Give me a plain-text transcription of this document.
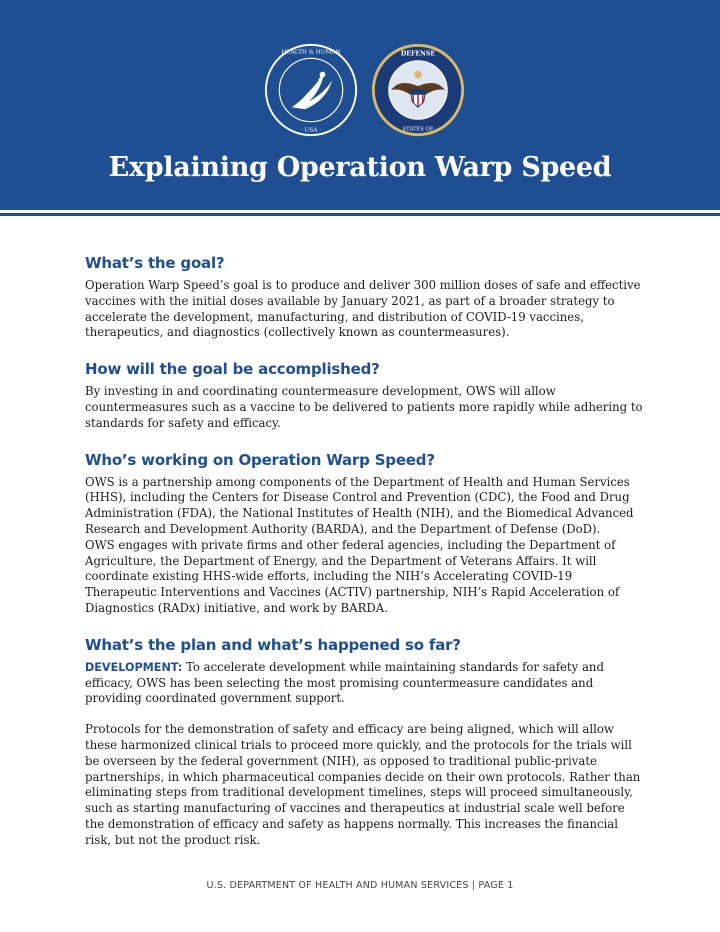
HEALTH & HUMAN
· USA ·
DEFENSE
STATES OF
Explaining Operation Warp Speed
What’s the goal?

Operation Warp Speed’s goal is to produce and deliver 300 million doses of safe and effective vaccines with the initial doses available by January 2021, as part of a broader strategy to accelerate the development, manufacturing, and distribution of COVID-19 vaccines, therapeutics, and diagnostics (collectively known as countermeasures).

How will the goal be accomplished?

By investing in and coordinating countermeasure development, OWS will allow countermeasures such as a vaccine to be delivered to patients more rapidly while adhering to standards for safety and efficacy.

Who’s working on Operation Warp Speed?

OWS is a partnership among components of the Department of Health and Human Services (HHS), including the Centers for Disease Control and Prevention (CDC), the Food and Drug Administration (FDA), the National Institutes of Health (NIH), and the Biomedical Advanced Research and Development Authority (BARDA), and the Department of Defense (DoD).

OWS engages with private firms and other federal agencies, including the Department of Agriculture, the Department of Energy, and the Department of Veterans Affairs. It will coordinate existing HHS-wide efforts, including the NIH’s Accelerating COVID-19 Therapeutic Interventions and Vaccines (ACTIV) partnership, NIH’s Rapid Acceleration of Diagnostics (RADx) initiative, and work by BARDA.

What’s the plan and what’s happened so far?

DEVELOPMENT: To accelerate development while maintaining standards for safety and efficacy, OWS has been selecting the most promising countermeasure candidates and providing coordinated government support.

Protocols for the demonstration of safety and efficacy are being aligned, which will allow these harmonized clinical trials to proceed more quickly, and the protocols for the trials will be overseen by the federal government (NIH), as opposed to traditional public-private partnerships, in which pharmaceutical companies decide on their own protocols. Rather than eliminating steps from traditional development timelines, steps will proceed simultaneously, such as starting manufacturing of vaccines and therapeutics at industrial scale well before the demonstration of efficacy and safety as happens normally. This increases the financial risk, but not the product risk.

U.S. DEPARTMENT OF HEALTH AND HUMAN SERVICES | PAGE 1
